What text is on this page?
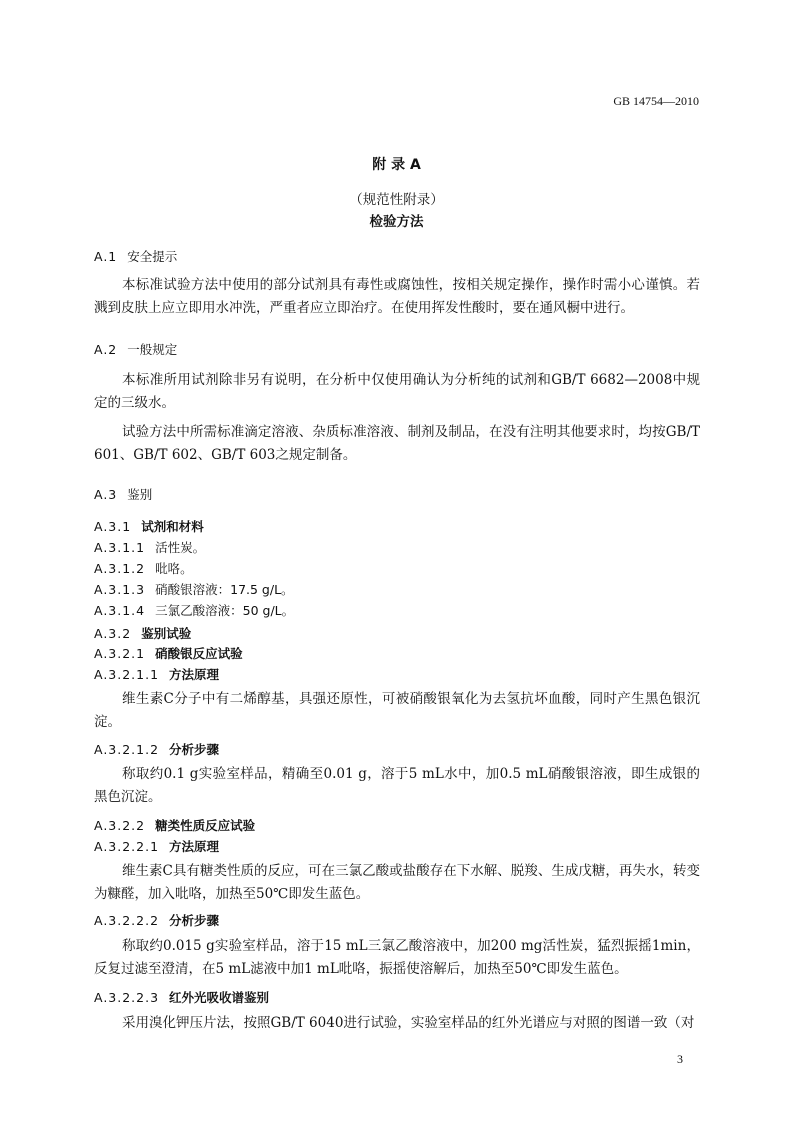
GB 14754—2010
附 录 A
（规范性附录）
检验方法
A.1 安全提示
本标准试验方法中使用的部分试剂具有毒性或腐蚀性，按相关规定操作，操作时需小心谨慎。若溅到皮肤上应立即用水冲洗，严重者应立即治疗。在使用挥发性酸时，要在通风橱中进行。
A.2 一般规定
本标准所用试剂除非另有说明，在分析中仅使用确认为分析纯的试剂和GB/T 6682—2008中规定的三级水。
试验方法中所需标准滴定溶液、杂质标准溶液、制剂及制品，在没有注明其他要求时，均按GB/T 601、GB/T 602、GB/T 603之规定制备。
A.3 鉴别
A.3.1 试剂和材料
A.3.1.1 活性炭。
A.3.1.2 吡咯。
A.3.1.3 硝酸银溶液：17.5 g/L。
A.3.1.4 三氯乙酸溶液：50 g/L。
A.3.2 鉴别试验
A.3.2.1 硝酸银反应试验
A.3.2.1.1 方法原理
维生素C分子中有二烯醇基，具强还原性，可被硝酸银氧化为去氢抗坏血酸，同时产生黑色银沉淀。
A.3.2.1.2 分析步骤
称取约0.1 g实验室样品，精确至0.01 g，溶于5 mL水中，加0.5 mL硝酸银溶液，即生成银的黑色沉淀。
A.3.2.2 糖类性质反应试验
A.3.2.2.1 方法原理
维生素C具有糖类性质的反应，可在三氯乙酸或盐酸存在下水解、脱羧、生成戊糖，再失水，转变为糠醛，加入吡咯，加热至50℃即发生蓝色。
A.3.2.2.2 分析步骤
称取约0.015 g实验室样品，溶于15 mL三氯乙酸溶液中，加200 mg活性炭，猛烈振摇1min，反复过滤至澄清，在5 mL滤液中加1 mL吡咯，振摇使溶解后，加热至50℃即发生蓝色。
A.3.2.2.3 红外光吸收谱鉴别
采用溴化钾压片法，按照GB/T 6040进行试验，实验室样品的红外光谱应与对照的图谱一致（对
3
